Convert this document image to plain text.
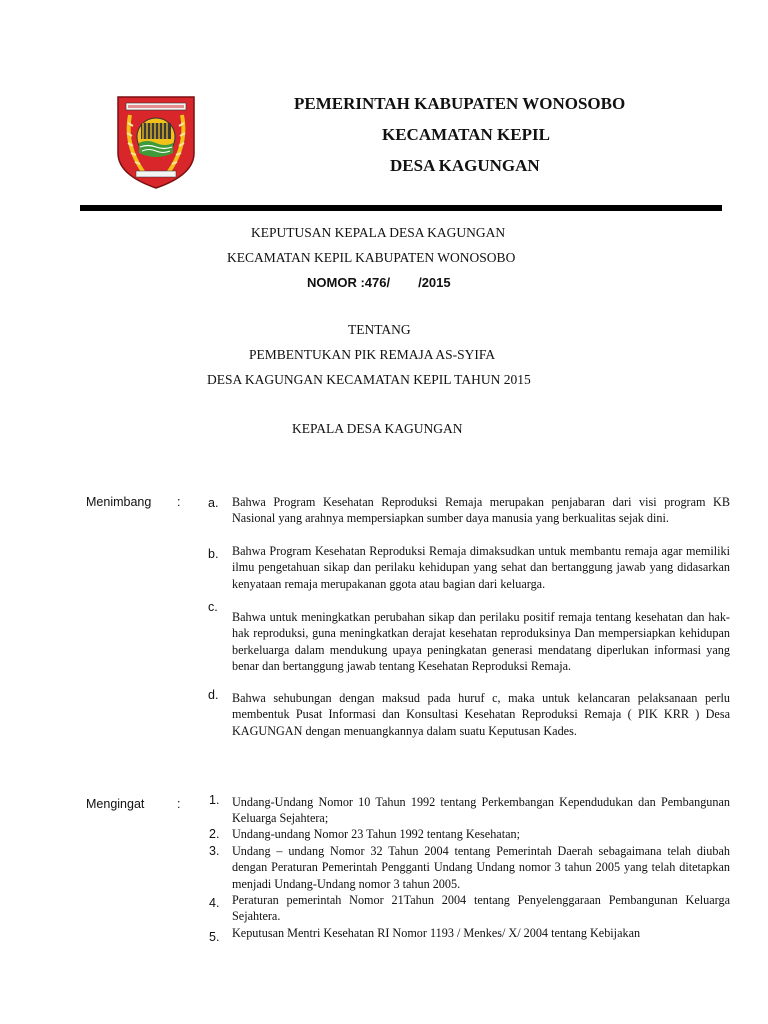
PEMERINTAH KABUPATEN WONOSOBO
KECAMATAN KEPIL
DESA KAGUNGAN
KEPUTUSAN KEPALA DESA KAGUNGAN
KECAMATAN KEPIL KABUPATEN WONOSOBO
NOMOR :476/ /2015
TENTANG
PEMBENTUKAN PIK REMAJA AS-SYIFA
DESA KAGUNGAN KECAMATAN KEPIL TAHUN 2015
KEPALA DESA KAGUNGAN
Menimbang : a. Bahwa Program Kesehatan Reproduksi Remaja merupakan penjabaran dari visi program KB Nasional yang arahnya mempersiapkan sumber daya manusia yang berkualitas sejak dini.
b. Bahwa Program Kesehatan Reproduksi Remaja dimaksudkan untuk membantu remaja agar memiliki ilmu pengetahuan sikap dan perilaku kehidupan yang sehat dan bertanggung jawab yang didasarkan kenyataan remaja merupakanan ggota atau bagian dari keluarga.
c.
Bahwa untuk meningkatkan perubahan sikap dan perilaku positif remaja tentang kesehatan dan hak-hak reproduksi, guna meningkatkan derajat kesehatan reproduksinya Dan mempersiapkan kehidupan berkeluarga dalam mendukung upaya peningkatan generasi mendatang diperlukan informasi yang benar dan bertanggung jawab tentang Kesehatan Reproduksi Remaja.
d. Bahwa sehubungan dengan maksud pada huruf c, maka untuk kelancaran pelaksanaan perlu membentuk Pusat Informasi dan Konsultasi Kesehatan Reproduksi Remaja ( PIK KRR ) Desa KAGUNGAN dengan menuangkannya dalam suatu Keputusan Kades.
Mengingat	: 1. Undang-Undang Nomor 10 Tahun 1992 tentang Perkembangan Kependudukan dan Pembangunan Keluarga Sejahtera;
2. Undang-undang Nomor 23 Tahun 1992 tentang Kesehatan;
3. Undang – undang Nomor 32 Tahun 2004 tentang Pemerintah Daerah sebagaimana telah diubah dengan Peraturan Pemerintah Pengganti Undang Undang nomor 3 tahun 2005 yang telah ditetapkan menjadi Undang-Undang nomor 3 tahun 2005.
4. Peraturan pemerintah Nomor 21Tahun 2004 tentang Penyelenggaraan Pembangunan Keluarga Sejahtera.
5. Keputusan Mentri Kesehatan RI Nomor 1193 / Menkes/ X/ 2004 tentang Kebijakan
